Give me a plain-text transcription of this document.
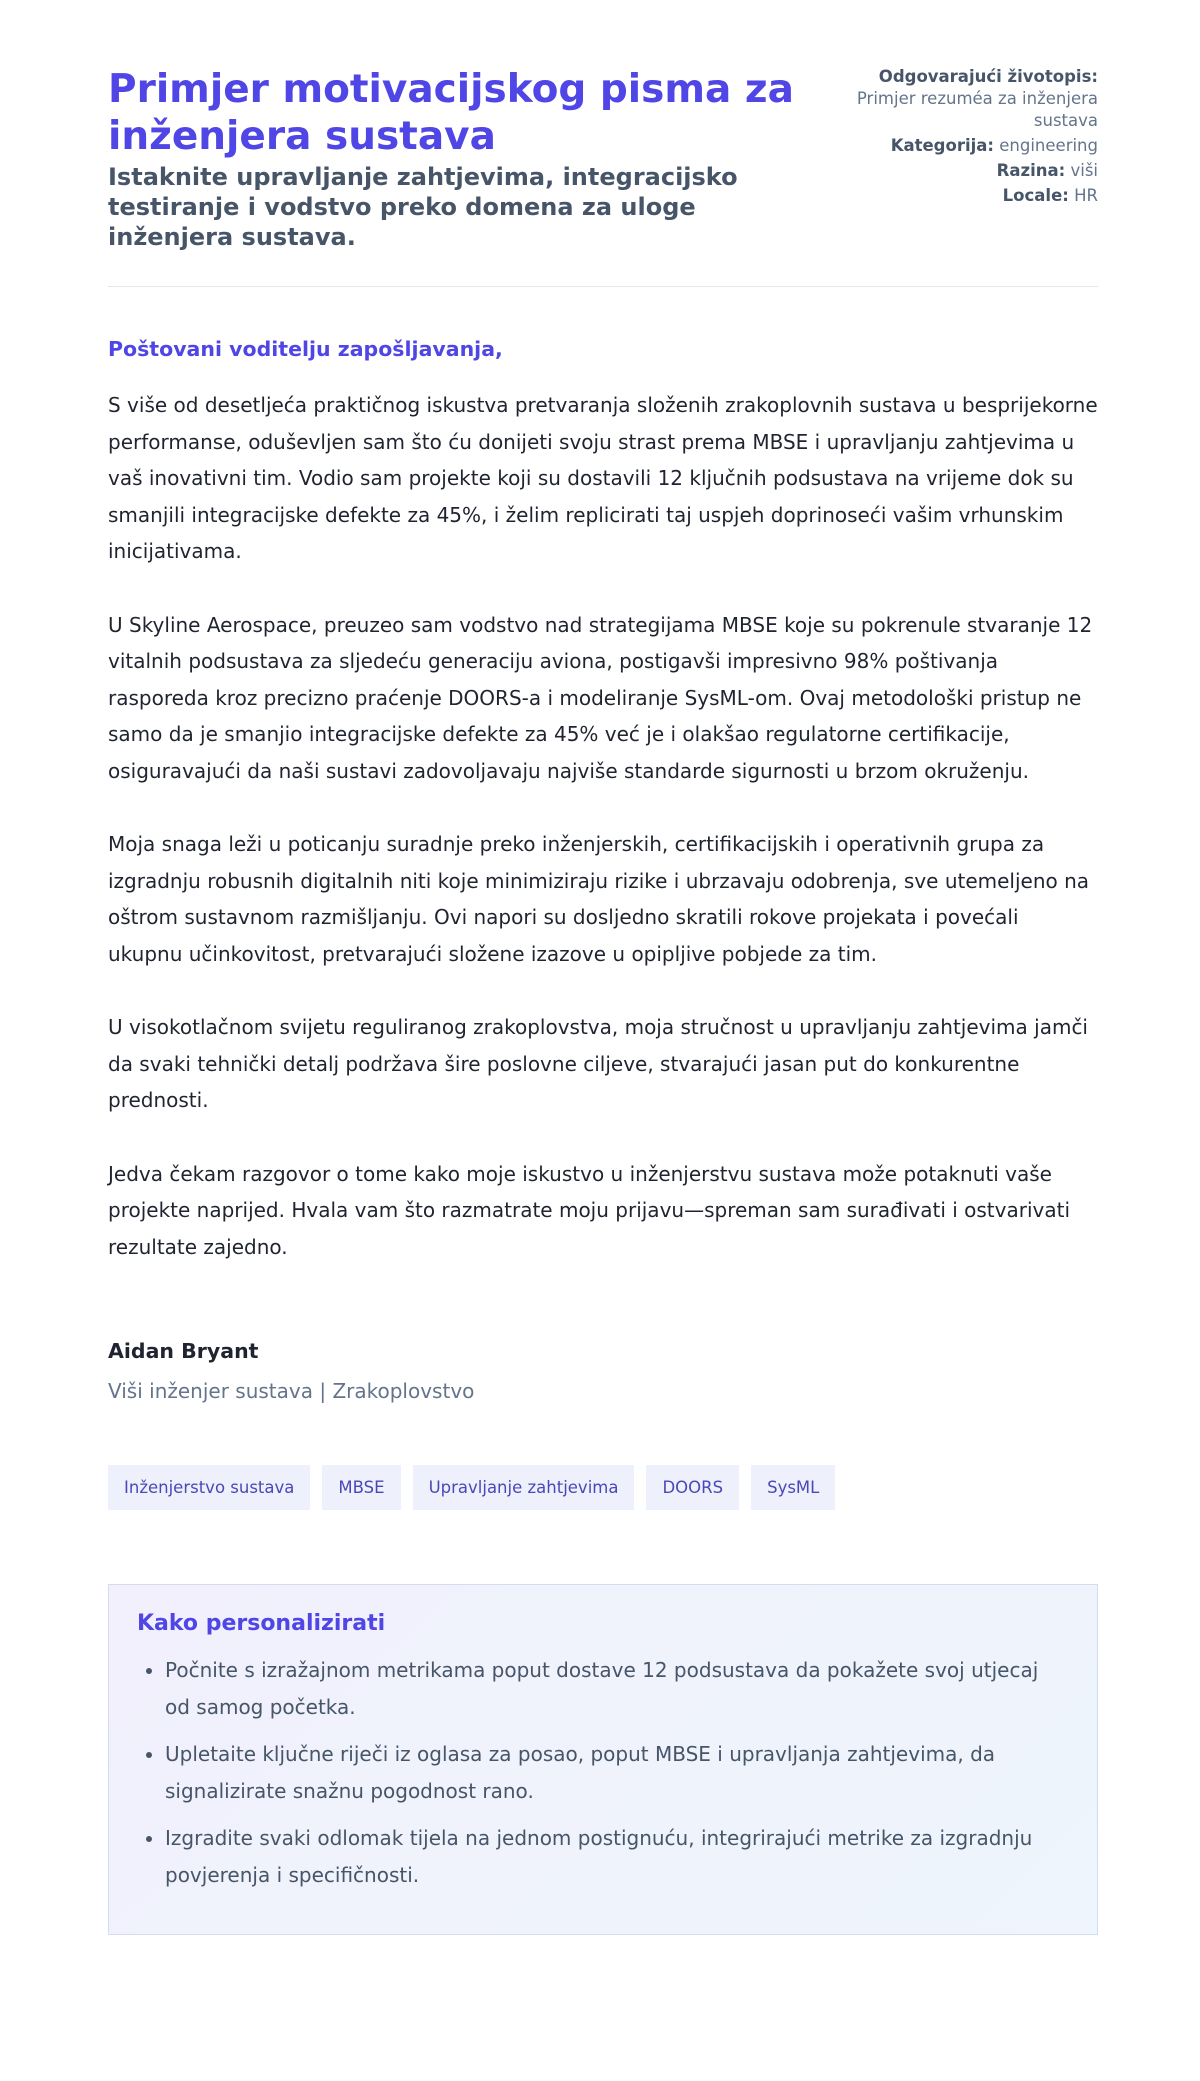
Primjer motivacijskog pisma za inženjera sustava
Istaknite upravljanje zahtjevima, integracijsko testiranje i vodstvo preko domena za uloge inženjera sustava.
Odgovarajući životopis:
Primjer rezuméa za inženjera sustava
Kategorija: engineering
Razina: viši
Locale: HR
Poštovani voditelju zapošljavanja,

S više od desetljeća praktičnog iskustva pretvaranja složenih zrakoplovnih sustava u besprijekorne performanse, oduševljen sam što ću donijeti svoju strast prema MBSE i upravljanju zahtjevima u vaš inovativni tim. Vodio sam projekte koji su dostavili 12 ključnih podsustava na vrijeme dok su smanjili integracijske defekte za 45%, i želim replicirati taj uspjeh doprinoseći vašim vrhunskim inicijativama.

U Skyline Aerospace, preuzeo sam vodstvo nad strategijama MBSE koje su pokrenule stvaranje 12 vitalnih podsustava za sljedeću generaciju aviona, postigavši impresivno 98% poštivanja rasporeda kroz precizno praćenje DOORS-a i modeliranje SysML-om. Ovaj metodološki pristup ne samo da je smanjio integracijske defekte za 45% već je i olakšao regulatorne certifikacije, osiguravajući da naši sustavi zadovoljavaju najviše standarde sigurnosti u brzom okruženju.

Moja snaga leži u poticanju suradnje preko inženjerskih, certifikacijskih i operativnih grupa za izgradnju robusnih digitalnih niti koje minimiziraju rizike i ubrzavaju odobrenja, sve utemeljeno na oštrom sustavnom razmišljanju. Ovi napori su dosljedno skratili rokove projekata i povećali ukupnu učinkovitost, pretvarajući složene izazove u opipljive pobjede za tim.

U visokotlačnom svijetu reguliranog zrakoplovstva, moja stručnost u upravljanju zahtjevima jamči da svaki tehnički detalj podržava šire poslovne ciljeve, stvarajući jasan put do konkurentne prednosti.

Jedva čekam razgovor o tome kako moje iskustvo u inženjerstvu sustava može potaknuti vaše projekte naprijed. Hvala vam što razmatrate moju prijavu—spreman sam surađivati i ostvarivati rezultate zajedno.

Aidan Bryant
Viši inženjer sustava | Zrakoplovstvo
Inženjerstvo sustava	MBSE	Upravljanje zahtjevima	DOORS	SysML
Kako personalizirati
• Počnite s izražajnom metrikama poput dostave 12 podsustava da pokažete svoj utjecaj od samog početka.
• Upletaite ključne riječi iz oglasa za posao, poput MBSE i upravljanja zahtjevima, da signalizirate snažnu pogodnost rano.
• Izgradite svaki odlomak tijela na jednom postignuću, integrirajući metrike za izgradnju povjerenja i specifičnosti.
